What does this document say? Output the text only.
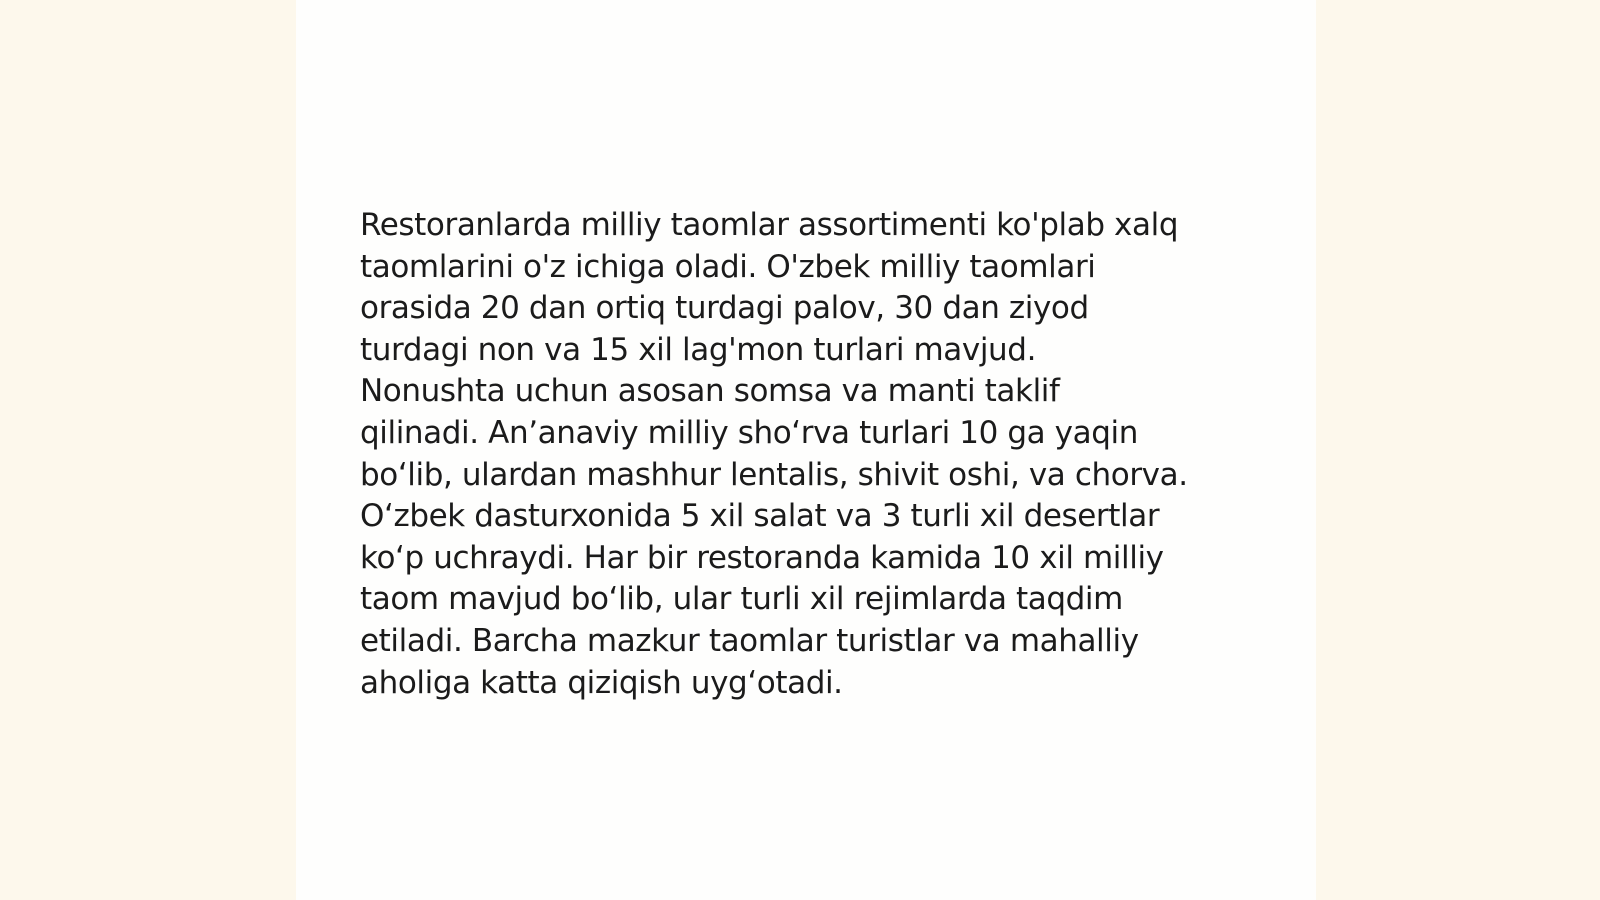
Restoranlarda milliy taomlar assortimenti ko'plab xalq
taomlarini o'z ichiga oladi. O'zbek milliy taomlari
orasida 20 dan ortiq turdagi palov, 30 dan ziyod
turdagi non va 15 xil lag'mon turlari mavjud.
Nonushta uchun asosan somsa va manti taklif
qilinadi. An’anaviy milliy sho‘rva turlari 10 ga yaqin
bo‘lib, ulardan mashhur lentalis, shivit oshi, va chorva.
O‘zbek dasturxonida 5 xil salat va 3 turli xil desertlar
ko‘p uchraydi. Har bir restoranda kamida 10 xil milliy
taom mavjud bo‘lib, ular turli xil rejimlarda taqdim
etiladi. Barcha mazkur taomlar turistlar va mahalliy
aholiga katta qiziqish uyg‘otadi.
